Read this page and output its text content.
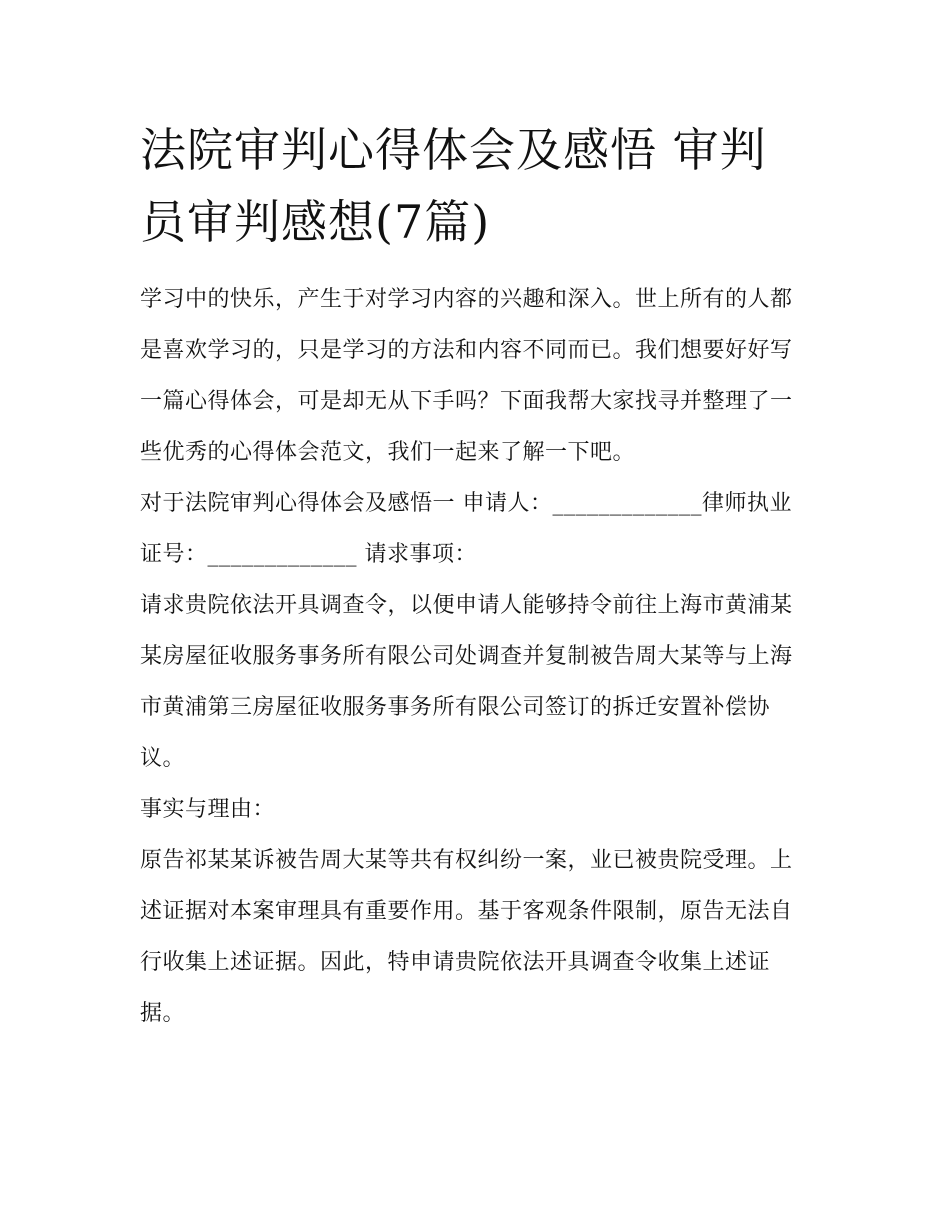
法院审判心得体会及感悟 审判员审判感想(7篇)

学习中的快乐，产生于对学习内容的兴趣和深入。世上所有的人都是喜欢学习的，只是学习的方法和内容不同而已。我们想要好好写一篇心得体会，可是却无从下手吗？下面我帮大家找寻并整理了一些优秀的心得体会范文，我们一起来了解一下吧。

对于法院审判心得体会及感悟一 申请人：_____________律师执业证号：_____________ 请求事项：

请求贵院依法开具调查令，以便申请人能够持令前往上海市黄浦某某房屋征收服务事务所有限公司处调查并复制被告周大某等与上海市黄浦第三房屋征收服务事务所有限公司签订的拆迁安置补偿协议。

事实与理由：

原告祁某某诉被告周大某等共有权纠纷一案，业已被贵院受理。上述证据对本案审理具有重要作用。基于客观条件限制，原告无法自行收集上述证据。因此，特申请贵院依法开具调查令收集上述证据。
